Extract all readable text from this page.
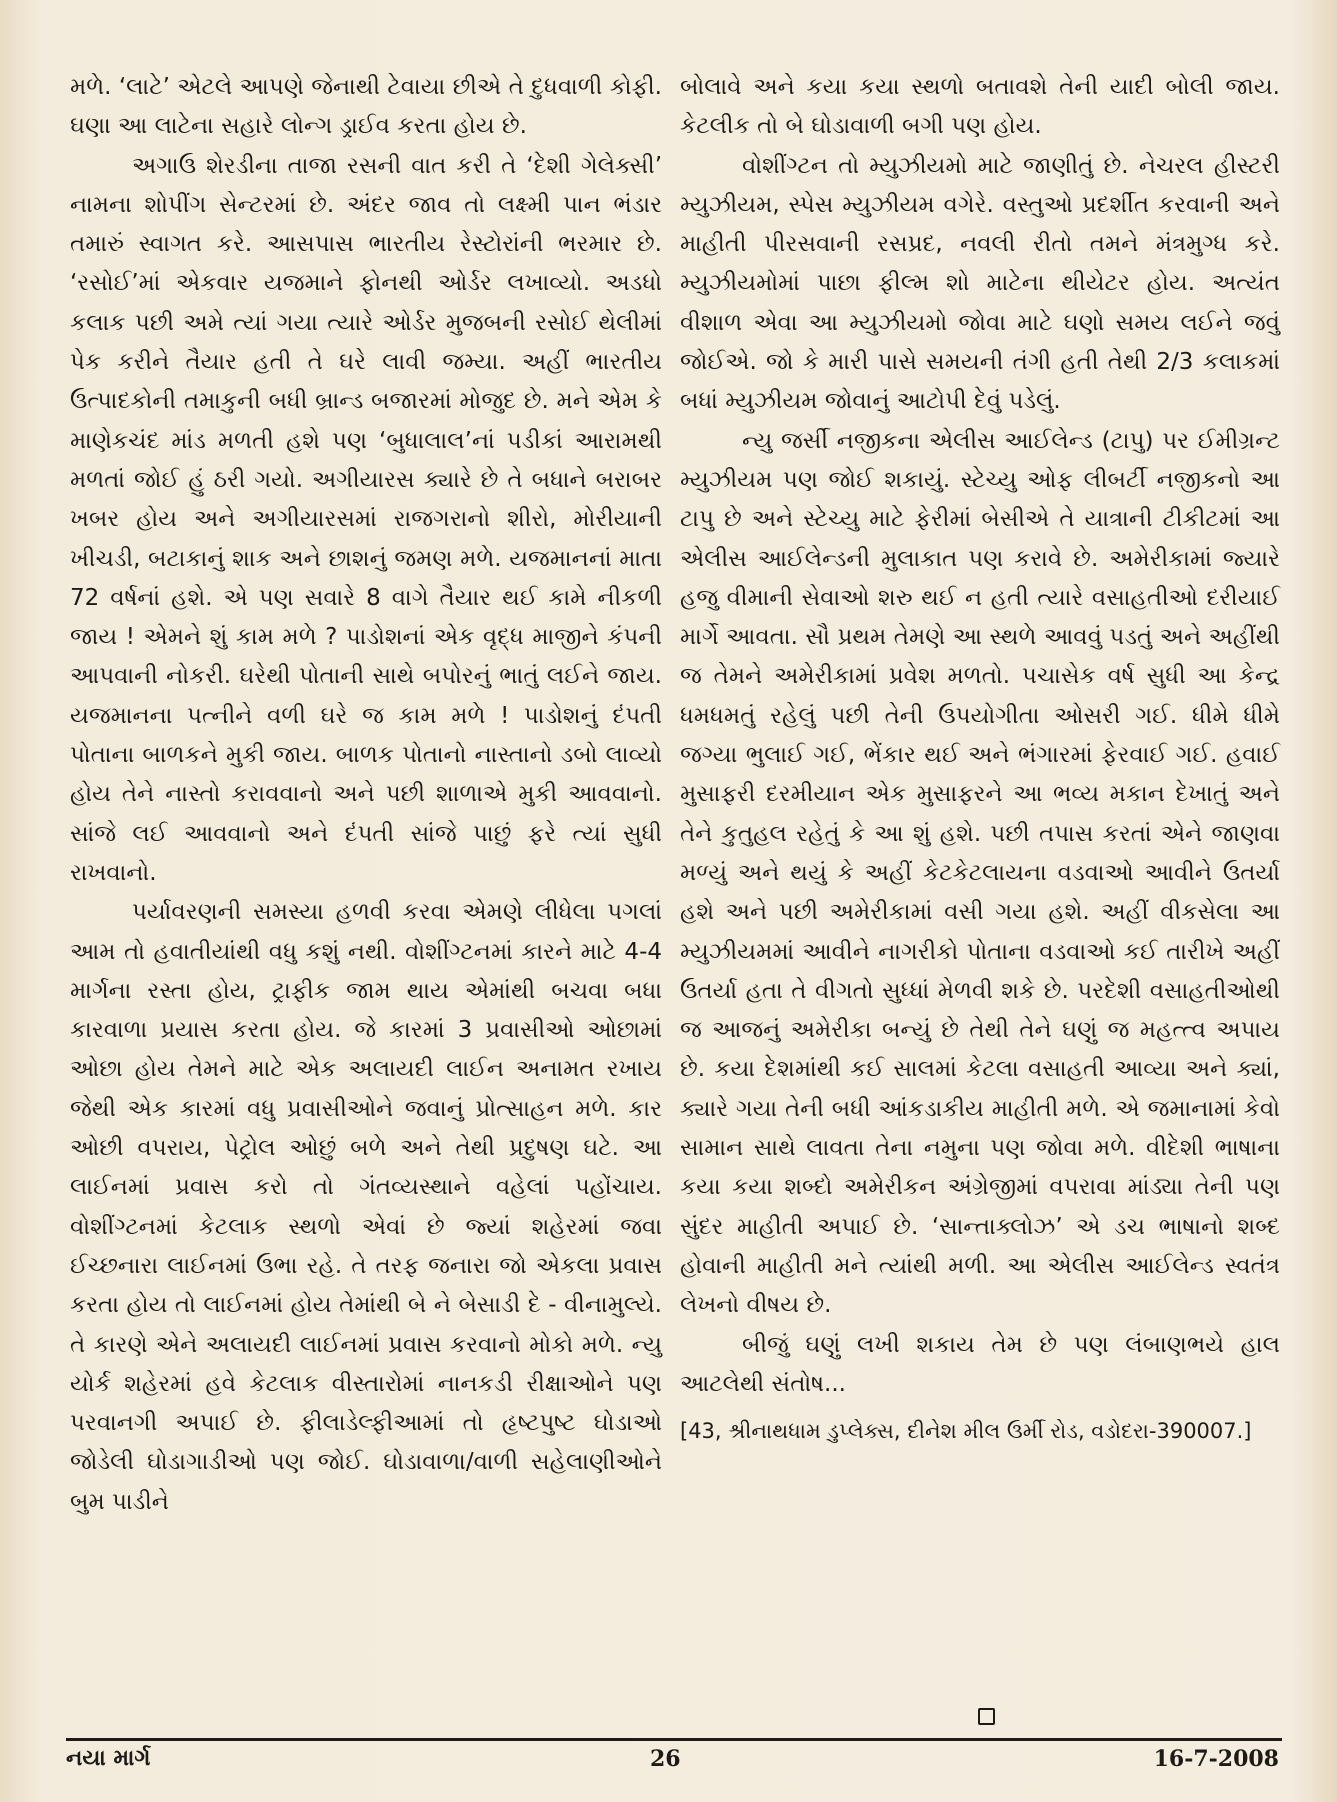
મળે. ‘લાટે’ એટલે આપણે જેનાથી ટેવાયા છીએ તે દુધવાળી કોફી. ઘણા આ લાટેના સહારે લોન્ગ ડ્રાઈવ કરતા હોય છે.

અગાઉ શેરડીના તાજા રસની વાત કરી તે ‘દેશી ગેલેક્સી’ નામના શોપીંગ સેન્ટરમાં છે. અંદર જાવ તો લક્ષ્મી પાન ભંડાર તમારું સ્વાગત કરે. આસપાસ ભારતીય રેસ્ટોરાંની ભરમાર છે. ‘રસોઈ’માં એકવાર યજમાને ફોનથી ઓર્ડર લખાવ્યો. અડધો કલાક પછી અમે ત્યાં ગયા ત્યારે ઓર્ડર મુજબની રસોઈ થેલીમાં પેક કરીને તૈયાર હતી તે ઘરે લાવી જમ્યા. અહીં ભારતીય ઉત્પાદકોની તમાકુની બધી બ્રાન્ડ બજારમાં મોજુદ છે. મને એમ કે માણેકચંદ માંડ મળતી હશે પણ ‘બુધાલાલ’નાં પડીકાં આરામથી મળતાં જોઈ હું ઠરી ગયો. અગીયારસ ક્યારે છે તે બધાને બરાબર ખબર હોય અને અગીયારસમાં રાજગરાનો શીરો, મોરીયાની ખીચડી, બટાકાનું શાક અને છાશનું જમણ મળે. યજમાનનાં માતા 72 વર્ષનાં હશે. એ પણ સવારે 8 વાગે તૈયાર થઈ કામે નીકળી જાય ! એમને શું કામ મળે ? પાડોશનાં એક વૃદ્ધ માજીને કંપની આપવાની નોકરી. ઘરેથી પોતાની સાથે બપોરનું ભાતું લઈને જાય. યજમાનના પત્નીને વળી ઘરે જ કામ મળે ! પાડોશનું દંપતી પોતાના બાળકને મુકી જાય. બાળક પોતાનો નાસ્તાનો ડબો લાવ્યો હોય તેને નાસ્તો કરાવવાનો અને પછી શાળાએ મુકી આવવાનો. સાંજે લઈ આવવાનો અને દંપતી સાંજે પાછું ફરે ત્યાં સુધી રાખવાનો.

પર્યાવરણની સમસ્યા હળવી કરવા એમણે લીધેલા પગલાં આમ તો હવાતીયાંથી વધુ કશું નથી. વોશીંગ્ટનમાં કારને માટે 4-4 માર્ગના રસ્તા હોય, ટ્રાફીક જામ થાય એમાંથી બચવા બધા કારવાળા પ્રયાસ કરતા હોય. જે કારમાં 3 પ્રવાસીઓ ઓછામાં ઓછા હોય તેમને માટે એક અલાયદી લાઈન અનામત રખાય જેથી એક કારમાં વધુ પ્રવાસીઓને જવાનું પ્રોત્સાહન મળે. કાર ઓછી વપરાય, પેટ્રોલ ઓછું બળે અને તેથી પ્રદુષણ ઘટે. આ લાઈનમાં પ્રવાસ કરો તો ગંતવ્યસ્થાને વહેલાં પહોંચાય. વોશીંગ્ટનમાં કેટલાક સ્થળો એવાં છે જ્યાં શહેરમાં જવા ઈચ્છનારા લાઈનમાં ઉભા રહે. તે તરફ જનારા જો એકલા પ્રવાસ કરતા હોય તો લાઈનમાં હોય તેમાંથી બે ને બેસાડી દે - વીનામુલ્યે. તે કારણે એને અલાયદી લાઈનમાં પ્રવાસ કરવાનો મોકો મળે. ન્યુ યોર્ક શહેરમાં હવે કેટલાક વીસ્તારોમાં નાનકડી રીક્ષાઓને પણ પરવાનગી અપાઈ છે. ફીલાડેલ્ફીઆમાં તો હૃષ્ટપુષ્ટ ઘોડાઓ જોડેલી ઘોડાગાડીઓ પણ જોઈ. ઘોડાવાળા/વાળી સહેલાણીઓને બુમ પાડીને

બોલાવે અને કયા કયા સ્થળો બતાવશે તેની યાદી બોલી જાય. કેટલીક તો બે ઘોડાવાળી બગી પણ હોય.

વોશીંગ્ટન તો મ્યુઝીયમો માટે જાણીતું છે. નેચરલ હીસ્ટરી મ્યુઝીયમ, સ્પેસ મ્યુઝીયમ વગેરે. વસ્તુઓ પ્રદર્શીત કરવાની અને માહીતી પીરસવાની રસપ્રદ, નવલી રીતો તમને મંત્રમુગ્ધ કરે. મ્યુઝીયમોમાં પાછા ફીલ્મ શો માટેના થીયેટર હોય. અત્યંત વીશાળ એવા આ મ્યુઝીયમો જોવા માટે ઘણો સમય લઈને જવું જોઈએ. જો કે મારી પાસે સમયની તંગી હતી તેથી 2/3 કલાકમાં બધાં મ્યુઝીયમ જોવાનું આટોપી દેવું પડેલું.

ન્યુ જર્સી નજીકના એલીસ આઈલેન્ડ (ટાપુ) પર ઈમીગ્રન્ટ મ્યુઝીયમ પણ જોઈ શકાયું. સ્ટેચ્યુ ઓફ લીબર્ટી નજીકનો આ ટાપુ છે અને સ્ટેચ્યુ માટે ફેરીમાં બેસીએ તે યાત્રાની ટીકીટમાં આ એલીસ આઈલેન્ડની મુલાકાત પણ કરાવે છે. અમેરીકામાં જ્યારે હજુ વીમાની સેવાઓ શરુ થઈ ન હતી ત્યારે વસાહતીઓ દરીયાઈ માર્ગે આવતા. સૌ પ્રથમ તેમણે આ સ્થળે આવવું પડતું અને અહીંથી જ તેમને અમેરીકામાં પ્રવેશ મળતો. પચાસેક વર્ષ સુધી આ કેન્દ્ર ધમધમતું રહેલું પછી તેની ઉપયોગીતા ઓસરી ગઈ. ધીમે ધીમે જગ્યા ભુલાઈ ગઈ, ભેંકાર થઈ અને ભંગારમાં ફેરવાઈ ગઈ. હવાઈ મુસાફરી દરમીયાન એક મુસાફરને આ ભવ્ય મકાન દેખાતું અને તેને કુતુહલ રહેતું કે આ શું હશે. પછી તપાસ કરતાં એને જાણવા મળ્યું અને થયું કે અહીં કેટકેટલાયના વડવાઓ આવીને ઉતર્યા હશે અને પછી અમેરીકામાં વસી ગયા હશે. અહીં વીકસેલા આ મ્યુઝીયમમાં આવીને નાગરીકો પોતાના વડવાઓ કઈ તારીખે અહીં ઉતર્યા હતા તે વીગતો સુધ્ધાં મેળવી શકે છે. પરદેશી વસાહતીઓથી જ આજનું અમેરીકા બન્યું છે તેથી તેને ઘણું જ મહત્ત્વ અપાય છે. કયા દેશમાંથી કઈ સાલમાં કેટલા વસાહતી આવ્યા અને ક્યાં, ક્યારે ગયા તેની બધી આંકડાકીય માહીતી મળે. એ જમાનામાં કેવો સામાન સાથે લાવતા તેના નમુના પણ જોવા મળે. વીદેશી ભાષાના કયા કયા શબ્દો અમેરીકન અંગ્રેજીમાં વપરાવા માંડ્યા તેની પણ સુંદર માહીતી અપાઈ છે. ‘સાન્તાક્લોઝ’ એ ડચ ભાષાનો શબ્દ હોવાની માહીતી મને ત્યાંથી મળી. આ એલીસ આઈલેન્ડ સ્વતંત્ર લેખનો વીષય છે.

બીજું ઘણું લખી શકાય તેમ છે પણ લંબાણભયે હાલ આટલેથી સંતોષ...

[43, શ્રીનાથધામ ડુપ્લેક્સ, દીનેશ મીલ ઉર્મી રોડ, વડોદરા-390007.]

નયા માર્ગ	26	16-7-2008
